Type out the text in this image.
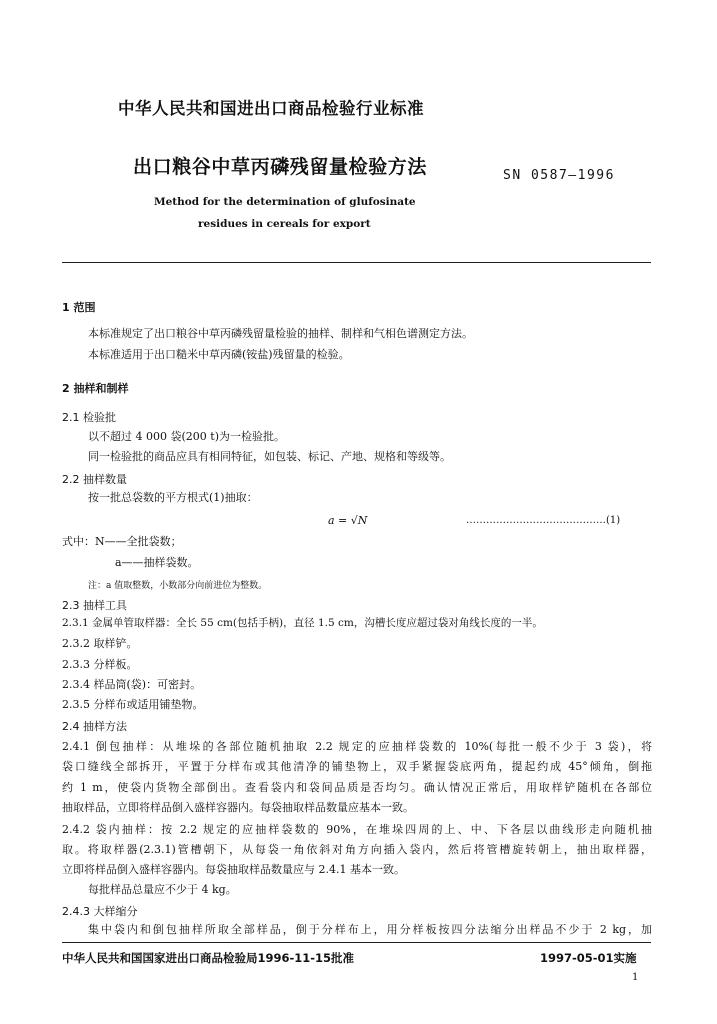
中华人民共和国进出口商品检验行业标准
出口粮谷中草丙磷残留量检验方法	SN 0587—1996
Method for the determination of glufosinate
residues in cereals for export
1 范围
本标准规定了出口粮谷中草丙磷残留量检验的抽样、制样和气相色谱测定方法。
本标准适用于出口糙米中草丙磷(铵盐)残留量的检验。
2 抽样和制样
2.1 检验批
以不超过 4 000 袋(200 t)为一检验批。
同一检验批的商品应具有相同特征，如包装、标记、产地、规格和等级等。
2.2 抽样数量
按一批总袋数的平方根式(1)抽取：
a = √N	……………………………………(1)
式中：N——全批袋数；
a——抽样袋数。
注：a 值取整数，小数部分向前进位为整数。
2.3 抽样工具
2.3.1 金属单管取样器：全长 55 cm(包括手柄)，直径 1.5 cm，沟槽长度应超过袋对角线长度的一半。
2.3.2 取样铲。
2.3.3 分样板。
2.3.4 样品筒(袋)：可密封。
2.3.5 分样布或适用铺垫物。
2.4 抽样方法
2.4.1 倒包抽样：从堆垛的各部位随机抽取 2.2 规定的应抽样袋数的 10%(每批一般不少于 3 袋)，将
袋口缝线全部拆开，平置于分样布或其他清净的铺垫物上，双手紧握袋底两角，提起约成 45°倾角，倒拖
约 1 m，使袋内货物全部倒出。查看袋内和袋间品质是否均匀。确认情况正常后，用取样铲随机在各部位
抽取样品，立即将样品倒入盛样容器内。每袋抽取样品数量应基本一致。
2.4.2 袋内抽样：按 2.2 规定的应抽样袋数的 90%，在堆垛四周的上、中、下各层以曲线形走向随机抽
取。将取样器(2.3.1)管槽朝下，从每袋一角依斜对角方向插入袋内，然后将管槽旋转朝上，抽出取样器，
立即将样品倒入盛样容器内。每袋抽取样品数量应与 2.4.1 基本一致。
每批样品总量应不少于 4 kg。
2.4.3 大样缩分
集中袋内和倒包抽样所取全部样品，倒于分样布上，用分样板按四分法缩分出样品不少于 2 kg，加
中华人民共和国国家进出口商品检验局1996-11-15批准	1997-05-01实施
1
